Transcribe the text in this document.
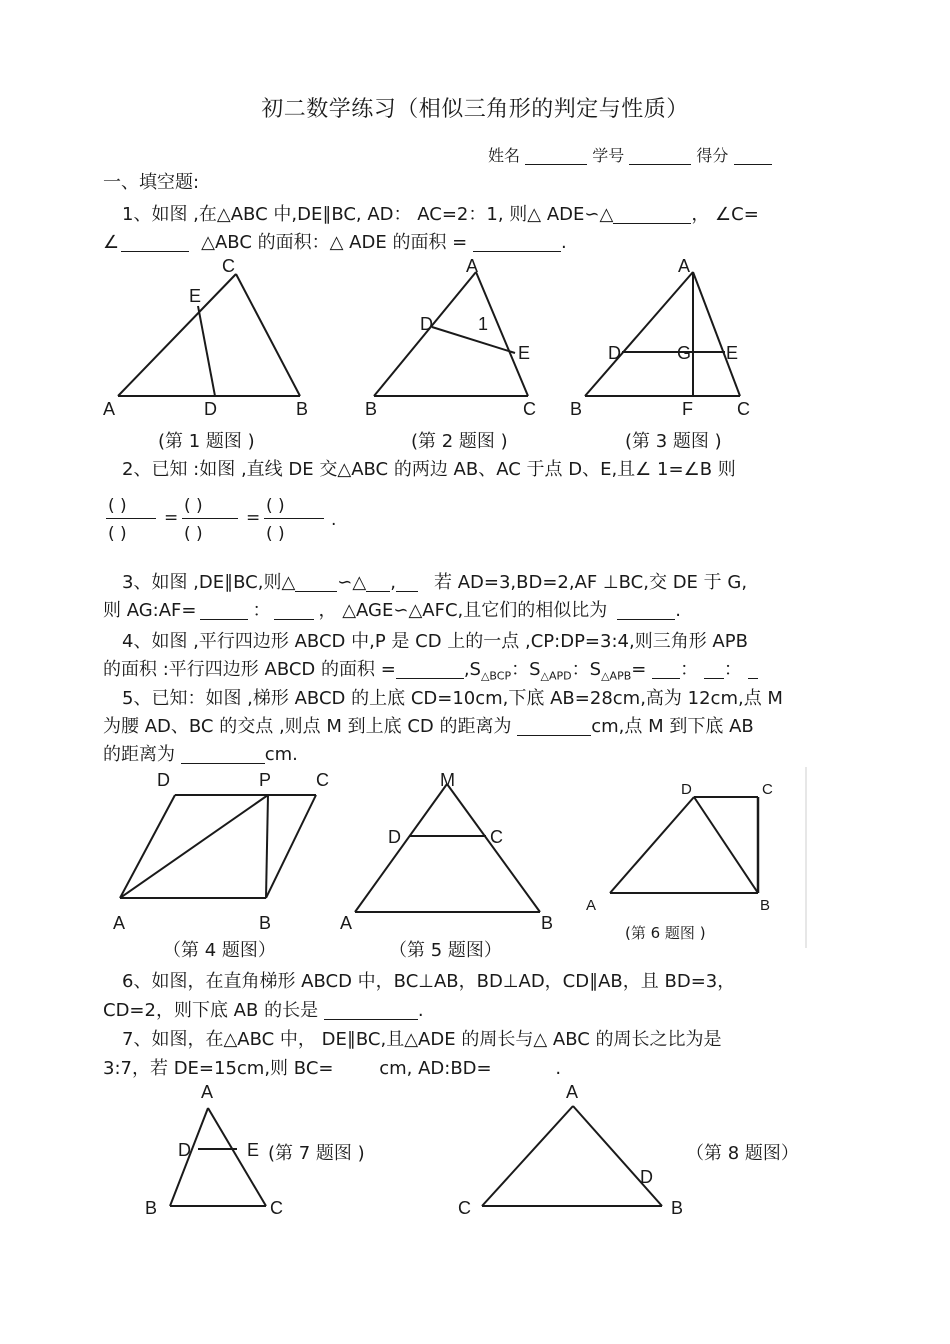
初二数学练习（相似三角形的判定与性质）
姓名	学号	得分
一、填空题:
1、如图 ,在△ABC 中,DE∥BC, AD： AC=2：1, 则△ ADE∽△	， ∠C=
∠	△ABC 的面积：△ ADE 的面积 =	.
C
E
A	D	B
(第 1 题图 )
A
D	1
E
B	C
(第 2 题图 )
A
D	G E
B	F C
(第 3 题图 )
2、已知 :如图 ,直线 DE 交△ABC 的两边 AB、AC 于点 D、E,且∠ 1=∠B 则
( )
( )
=
( )
( )
=
( )
( )
.
3、如图 ,DE∥BC,则△ ∽△ , 若 AD=3,BD=2,AF ⊥BC,交 DE 于 G,
则 AG:AF=	：	， △AGE∽△AFC,且它们的相似比为	.
4、如图 ,平行四边形 ABCD 中,P 是 CD 上的一点 ,CP:DP=3:4,则三角形 APB
的面积 :平行四边形 ABCD 的面积 =	$,S_{\triangle BCP}$：$S_{\triangle APD}$：$S_{\triangle APB}=$ ： ：
5、已知：如图 ,梯形 ABCD 的上底 CD=10cm,下底 AB=28cm,高为 12cm,点 M
为腰 AD、BC 的交点 ,则点 M 到上底 CD 的距离为	cm,点 M 到下底 AB
的距离为	cm.
D	P C
A	B
（第 4 题图）
M
D	C
A	B
（第 5 题图）
D	C
A	B
(第 6 题图 )
6、如图，在直角梯形 ABCD 中，BC⊥AB，BD⊥AD，CD∥AB，且 BD=3，
CD=2，则下底 AB 的长是	.
7、如图，在△ABC 中， DE∥BC,且△ADE 的周长与△ ABC 的周长之比为是
3:7，若 DE=15cm,则 BC=	cm, AD:BD=	.
A
D	E (第 7 题图 )
B	C
A
D
C	B
（第 8 题图）
